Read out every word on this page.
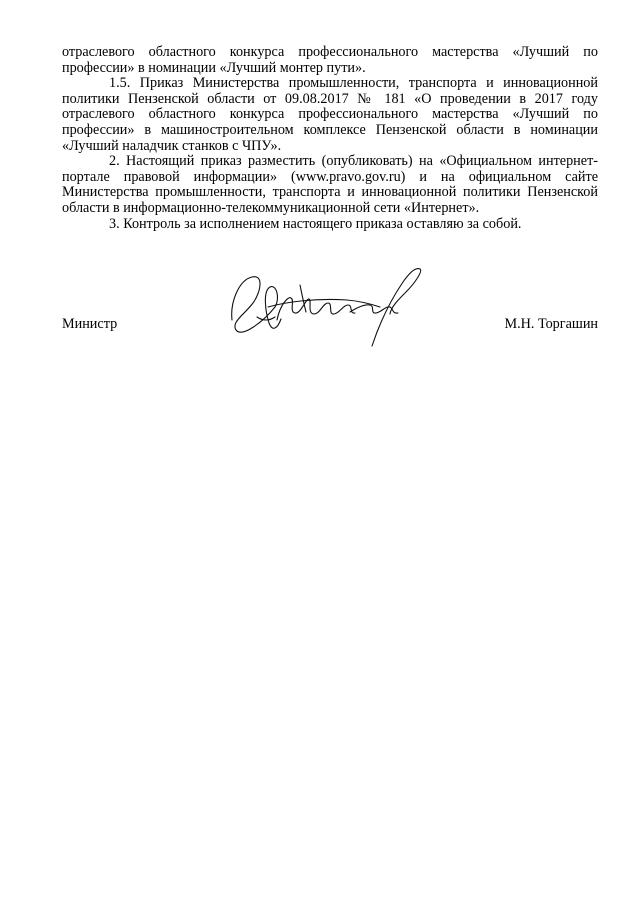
отраслевого областного конкурса профессионального мастерства «Лучший по профессии» в номинации «Лучший монтер пути».

1.5. Приказ Министерства промышленности, транспорта и инновационной политики Пензенской области от 09.08.2017 № 181 «О проведении в 2017 году отраслевого областного конкурса профессионального мастерства «Лучший по профессии» в машиностроительном комплексе Пензенской области в номинации «Лучший наладчик станков с ЧПУ».

2. Настоящий приказ разместить (опубликовать) на «Официальном интернет-портале правовой информации» (www.pravo.gov.ru) и на официальном сайте Министерства промышленности, транспорта и инновационной политики Пензенской области в информационно-телекоммуникационной сети «Интернет».

3. Контроль за исполнением настоящего приказа оставляю за собой.

Министр	М.Н. Торгашин
